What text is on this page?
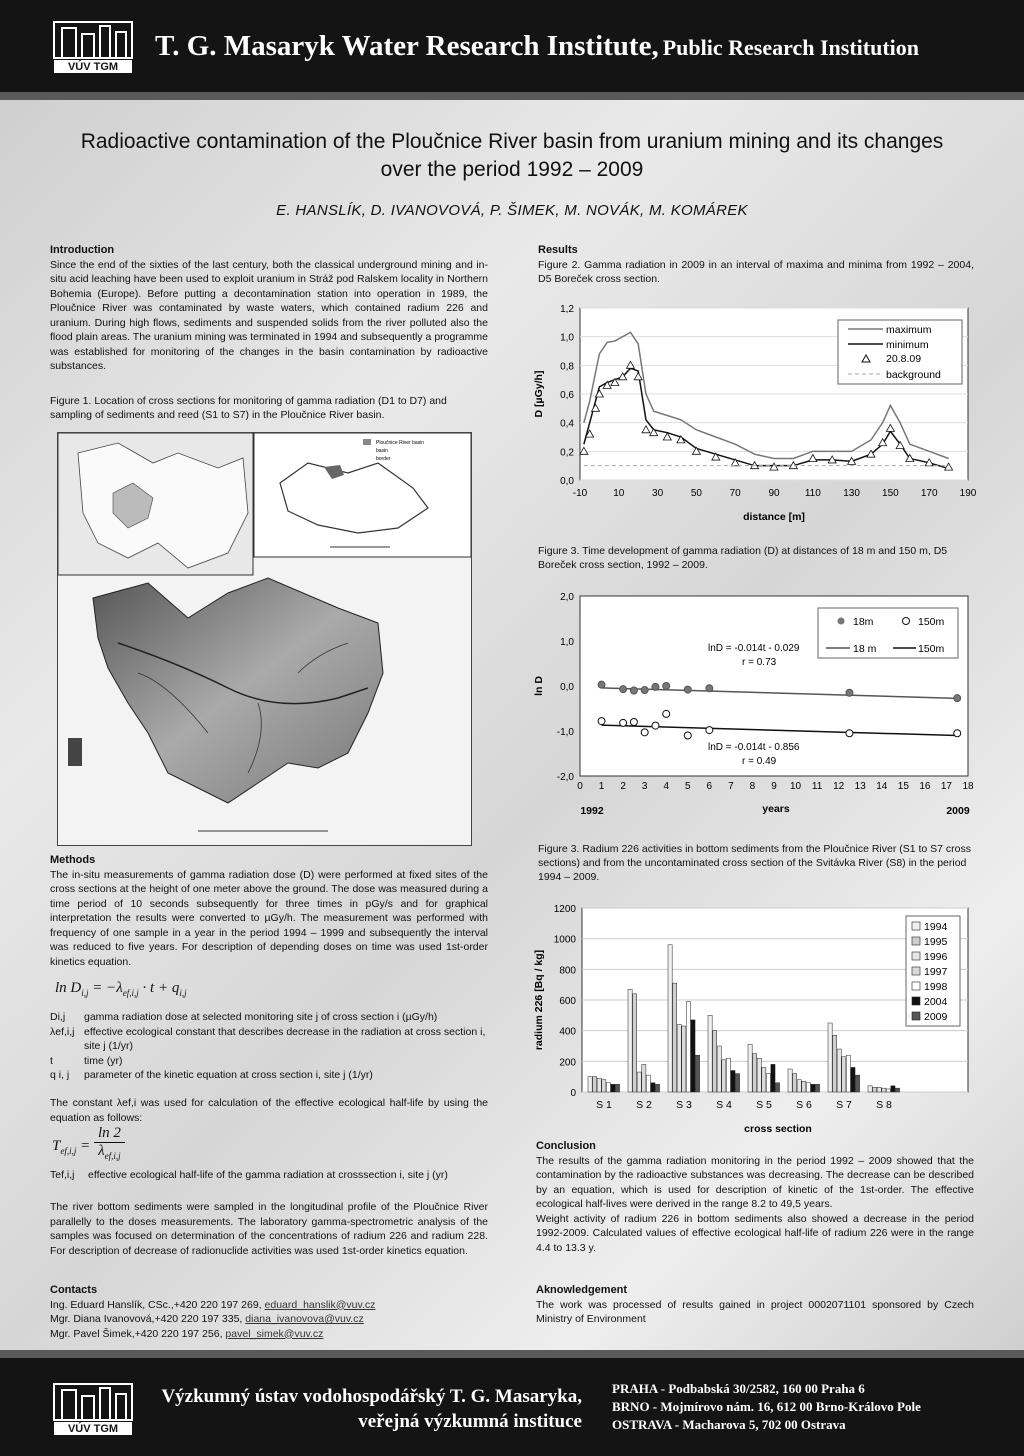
VÚV TGM
T. G. Masaryk Water Research Institute, Public Research Institution
Radioactive contamination of the Ploučnice River basin from uranium mining and its changes over the period 1992 – 2009
E. HANSLÍK, D. IVANOVOVÁ, P. ŠIMEK, M. NOVÁK, M. KOMÁREK
Introduction

Since the end of the sixties of the last century, both the classical underground mining and in-situ acid leaching have been used to exploit uranium in Stráž pod Ralskem locality in Northern Bohemia (Europe). Before putting a decontamination station into operation in 1989, the Ploučnice River was contaminated by waste waters, which contained radium 226 and uranium. During high flows, sediments and suspended solids from the river polluted also the flood plain areas. The uranium mining was terminated in 1994 and subsequently a programme was established for monitoring of the changes in the basin contamination by radioactive substances.

Figure 1. Location of cross sections for monitoring of gamma radiation (D1 to D7) and sampling of sediments and reed (S1 to S7) in the Ploučnice River basin.
Ploučnice River basin
basin
border
Methods

The in-situ measurements of gamma radiation dose (D) were performed at fixed sites of the cross sections at the height of one meter above the ground. The dose was measured during a time period of 10 seconds subsequently for three times in pGy/s and for graphical interpretation the results were converted to µGy/h. The measurement was performed with frequency of one sample in a year in the period 1994 – 1999 and subsequently the interval was reduced to five years. For description of depending doses on time was used 1st-order kinetics equation.

$\ln D_{i,j} = -\lambda_{ef,i,j} \cdot t + q_{i,j}$
Di,j	gamma radiation dose at selected monitoring site j of cross section i (µGy/h)
λef,i,j effective ecological constant that describes decrease in the radiation at cross section i, site j (1/yr)
t	time (yr)
q i, j	parameter of the kinetic equation at cross section i, site j (1/yr)
The constant λef,i was used for calculation of the effective ecological half-life by using the equation as follows:
$T_{ef,i,j}$ =
ln 2
$\lambda_{ef,i,j}$
Tef,i,j	effective ecological half-life of the gamma radiation at crosssection i, site j (yr)
The river bottom sediments were sampled in the longitudinal profile of the Ploučnice River parallelly to the doses measurements. The laboratory gamma-spectrometric analysis of the samples was focused on determination of the concentrations of radium 226 and radium 228. For description of decrease of radionuclide activities was used 1st-order kinetics equation.
Contacts

Ing. Eduard Hanslík, CSc.,+420 220 197 269, eduard_hanslik@vuv.cz

Mgr. Diana Ivanovová,+420 220 197 335, diana_ivanovova@vuv.cz

Mgr. Pavel Šimek,+420 220 197 256, pavel_simek@vuv.cz

Results

Figure 2. Gamma radiation in 2009 in an interval of maxima and minima from 1992 – 2004, D5 Boreček cross section.

0,0
0,2
0,4
0,6
0,8
1,0
1,2
-10	10	30	50	70	90	110 130 150 170 190
maximum
minimum
20.8.09
background
distance [m]
D [µGy/h]
Figure 3. Time development of gamma radiation (D) at distances of 18 m and 150 m, D5 Boreček cross section, 1992 – 2009.
-2,0
-1,0
0,0
1,0
2,0
0 1 2 3 4 5 6 7 8 9 10 11 12 13 14 15 16 17 18
18m	150m
18 m	150m
lnD = -0.014t - 0.029
r = 0.73
lnD = -0.014t - 0.856
r = 0.49
1992	2009
years
ln D
Figure 3. Radium 226 activities in bottom sediments from the Ploučnice River (S1 to S7 cross sections) and from the uncontaminated cross section of the Svitávka River (S8) in the period 1994 – 2009.
0
200
400
600
800
1000
1200
S 1 S 2 S 3 S 4 S 5 S 6 S 7 S 8
1994
1995
1996
1997
1998
2004
2009
cross section
radium 226 [Bq / kg]
Conclusion

The results of the gamma radiation monitoring in the period 1992 – 2009 showed that the contamination by the radioactive substances was decreasing. The decrease can be described by an equation, which is used for description of kinetic of the 1st-order. The effective ecological half-lives were derived in the range 8.2 to 49,5 years.

Weight activity of radium 226 in bottom sediments also showed a decrease in the period 1992-2009. Calculated values of effective ecological half-life of radium 226 were in the range 4.4 to 13.3 y.

Aknowledgement

The work was processed of results gained in project 0002071101 sponsored by Czech Ministry of Environment

VÚV TGM
Výzkumný ústav vodohospodářský T. G. Masaryka,
veřejná výzkumná instituce
PRAHA - Podbabská 30/2582, 160 00 Praha 6
BRNO - Mojmírovo nám. 16, 612 00 Brno-Královo Pole
OSTRAVA - Macharova 5, 702 00 Ostrava
